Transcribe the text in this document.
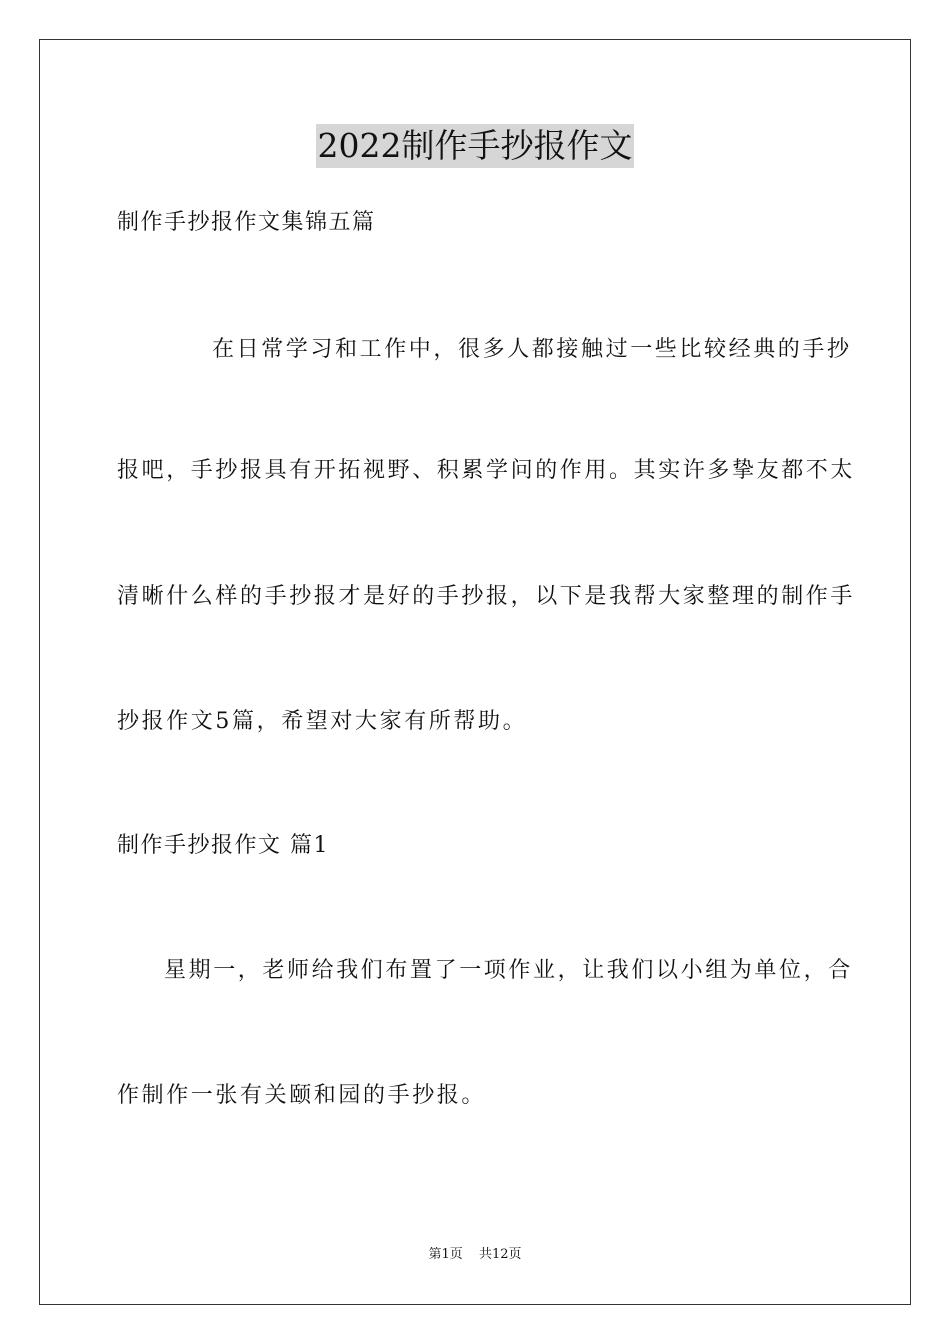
2022制作手抄报作文
制作手抄报作文集锦五篇
在日常学习和工作中，很多人都接触过一些比较经典的手抄
报吧，手抄报具有开拓视野、积累学问的作用。其实许多挚友都不太
清晰什么样的手抄报才是好的手抄报，以下是我帮大家整理的制作手
抄报作文5篇，希望对大家有所帮助。
制作手抄报作文 篇1
星期一，老师给我们布置了一项作业，让我们以小组为单位，合
作制作一张有关颐和园的手抄报。
第1页 共12页
